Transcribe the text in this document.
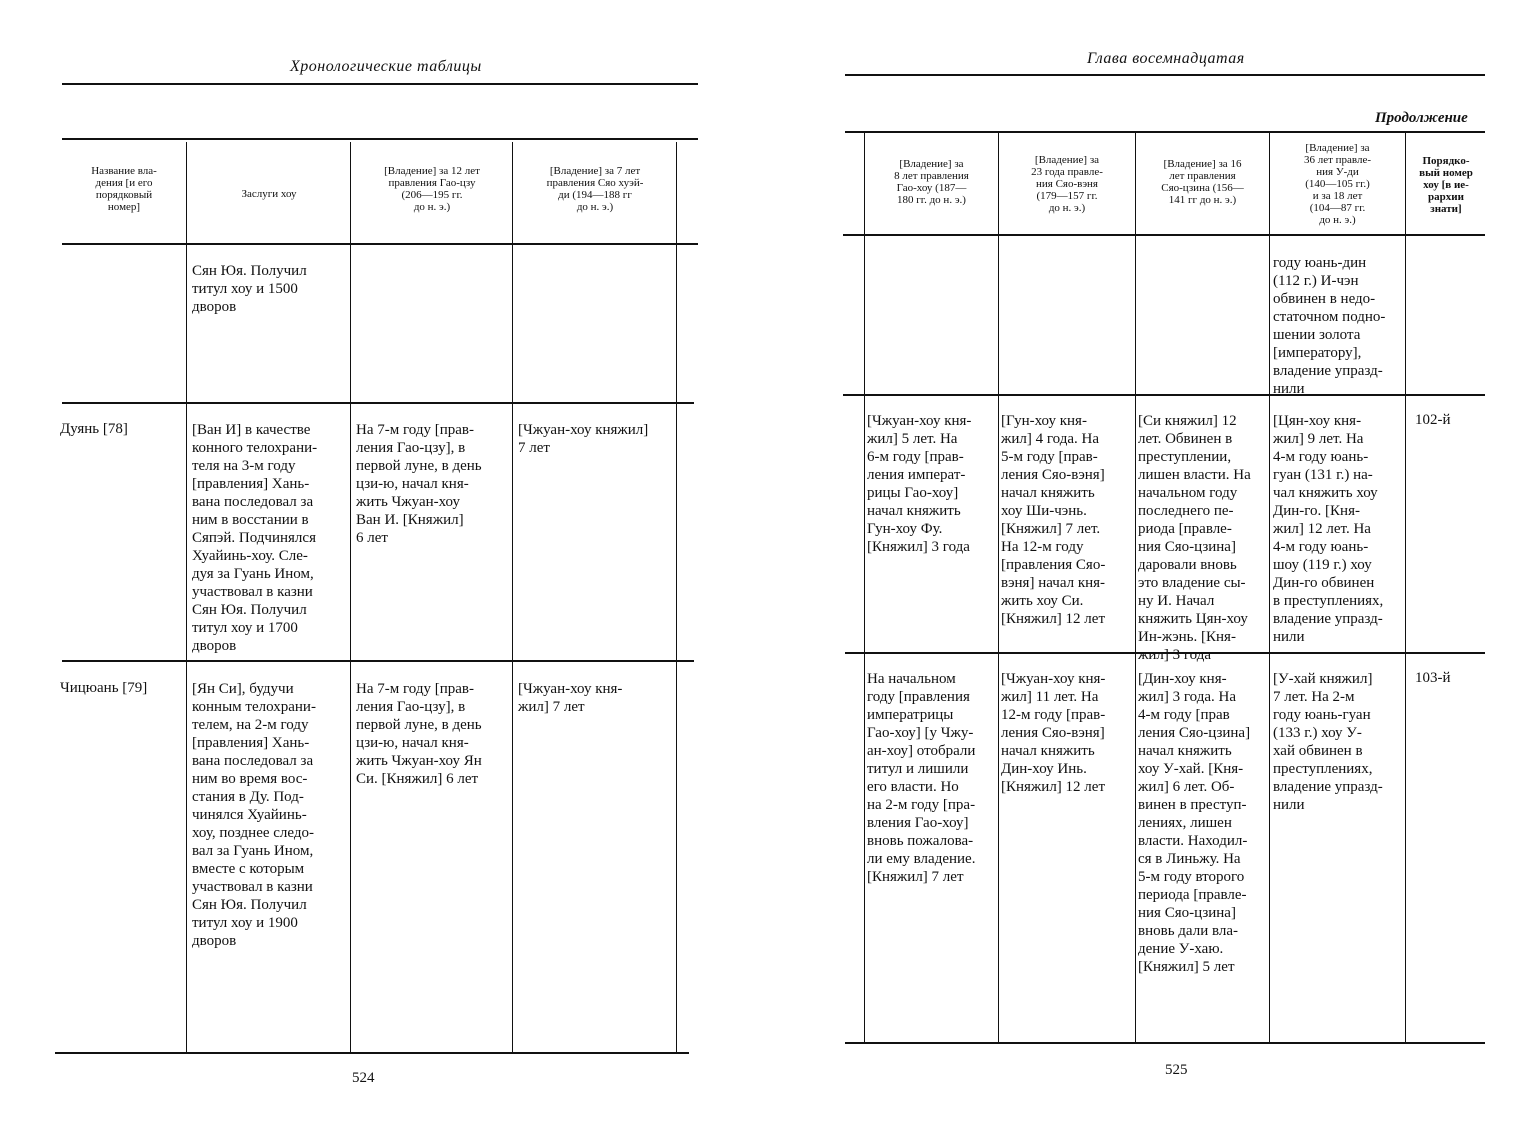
Хронологические таблицы
Название вла-
дения [и его
порядковый
номер]
Заслуги хоу
[Владение] за 12 лет
правления Гао-цзу
(206—195 гг.
до н. э.)
[Владение] за 7 лет
правления Сяо хуэй-
ди (194—188 гг
до н. э.)
Сян Юя. Получил
титул хоу и 1500
дворов
Дуянь [78]	[Ван И] в качестве
конного телохрани-
теля на 3-м году
[правления] Хань-
вана последовал за
ним в восстании в
Сяпэй. Подчинялся
Хуайинь-хоу. Сле-
дуя за Гуань Ином,
участвовал в казни
Сян Юя. Получил
титул хоу и 1700
дворов
На 7-м году [прав-
ления Гао-цзу], в
первой луне, в день
цзи-ю, начал кня-
жить Чжуан-хоу
Ван И. [Княжил]
6 лет
[Чжуан-хоу княжил]
7 лет
Чицюань [79]	[Ян Си], будучи
конным телохрани-
телем, на 2-м году
[правления] Хань-
вана последовал за
ним во время вос-
стания в Ду. Под-
чинялся Хуайинь-
хоу, позднее следо-
вал за Гуань Ином,
вместе с которым
участвовал в казни
Сян Юя. Получил
титул хоу и 1900
дворов
На 7-м году [прав-
ления Гао-цзу], в
первой луне, в день
цзи-ю, начал кня-
жить Чжуан-хоу Ян
Си. [Княжил] 6 лет
[Чжуан-хоу кня-
жил] 7 лет
524
Глава восемнадцатая
Продолжение
[Владение] за
8 лет правления
Гао-хоу (187—
180 гг. до н. э.)
[Владение] за
23 года правле-
ния Сяо-вэня
(179—157 гг.
до н. э.)
[Владение] за 16
лет правления
Сяо-цзина (156—
141 гг до н. э.)
[Владение] за
36 лет правле-
ния У-ди
(140—105 гг.)
и за 18 лет
(104—87 гг.
до н. э.)
Порядко-
вый номер
хоу [в ие-
рархии
знати]
году юань-дин
(112 г.) И-чэн
обвинен в недо-
статочном подно-
шении золота
[императору],
владение упразд-
нили
[Чжуан-хоу кня-
жил] 5 лет. На
6-м году [прав-
ления императ-
рицы Гао-хоу]
начал княжить
Гун-хоу Фу.
[Княжил] 3 года
[Гун-хоу кня-
жил] 4 года. На
5-м году [прав-
ления Сяо-вэня]
начал княжить
хоу Ши-чэнь.
[Княжил] 7 лет.
На 12-м году
[правления Сяо-
вэня] начал кня-
жить хоу Си.
[Княжил] 12 лет
[Си княжил] 12
лет. Обвинен в
преступлении,
лишен власти. На
начальном году
последнего пе-
риода [правле-
ния Сяо-цзина]
даровали вновь
это владение сы-
ну И. Начал
княжить Цян-хоу
Ин-жэнь. [Кня-
жил] 3 года
[Цян-хоу кня-
жил] 9 лет. На
4-м году юань-
гуан (131 г.) на-
чал княжить хоу
Дин-го. [Кня-
жил] 12 лет. На
4-м году юань-
шоу (119 г.) хоу
Дин-го обвинен
в преступлениях,
владение упразд-
нили
102-й
На начальном
году [правления
императрицы
Гао-хоу] [у Чжу-
ан-хоу] отобрали
титул и лишили
его власти. Но
на 2-м году [пра-
вления Гао-хоу]
вновь пожалова-
ли ему владение.
[Княжил] 7 лет
[Чжуан-хоу кня-
жил] 11 лет. На
12-м году [прав-
ления Сяо-вэня]
начал княжить
Дин-хоу Инь.
[Княжил] 12 лет
[Дин-хоу кня-
жил] 3 года. На
4-м году [прав
ления Сяо-цзина]
начал княжить
хоу У-хай. [Кня-
жил] 6 лет. Об-
винен в преступ-
лениях, лишен
власти. Находил-
ся в Линьжу. На
5-м году второго
периода [правле-
ния Сяо-цзина]
вновь дали вла-
дение У-хаю.
[Княжил] 5 лет
[У-хай княжил]
7 лет. На 2-м
году юань-гуан
(133 г.) хоу У-
хай обвинен в
преступлениях,
владение упразд-
нили
103-й
525
